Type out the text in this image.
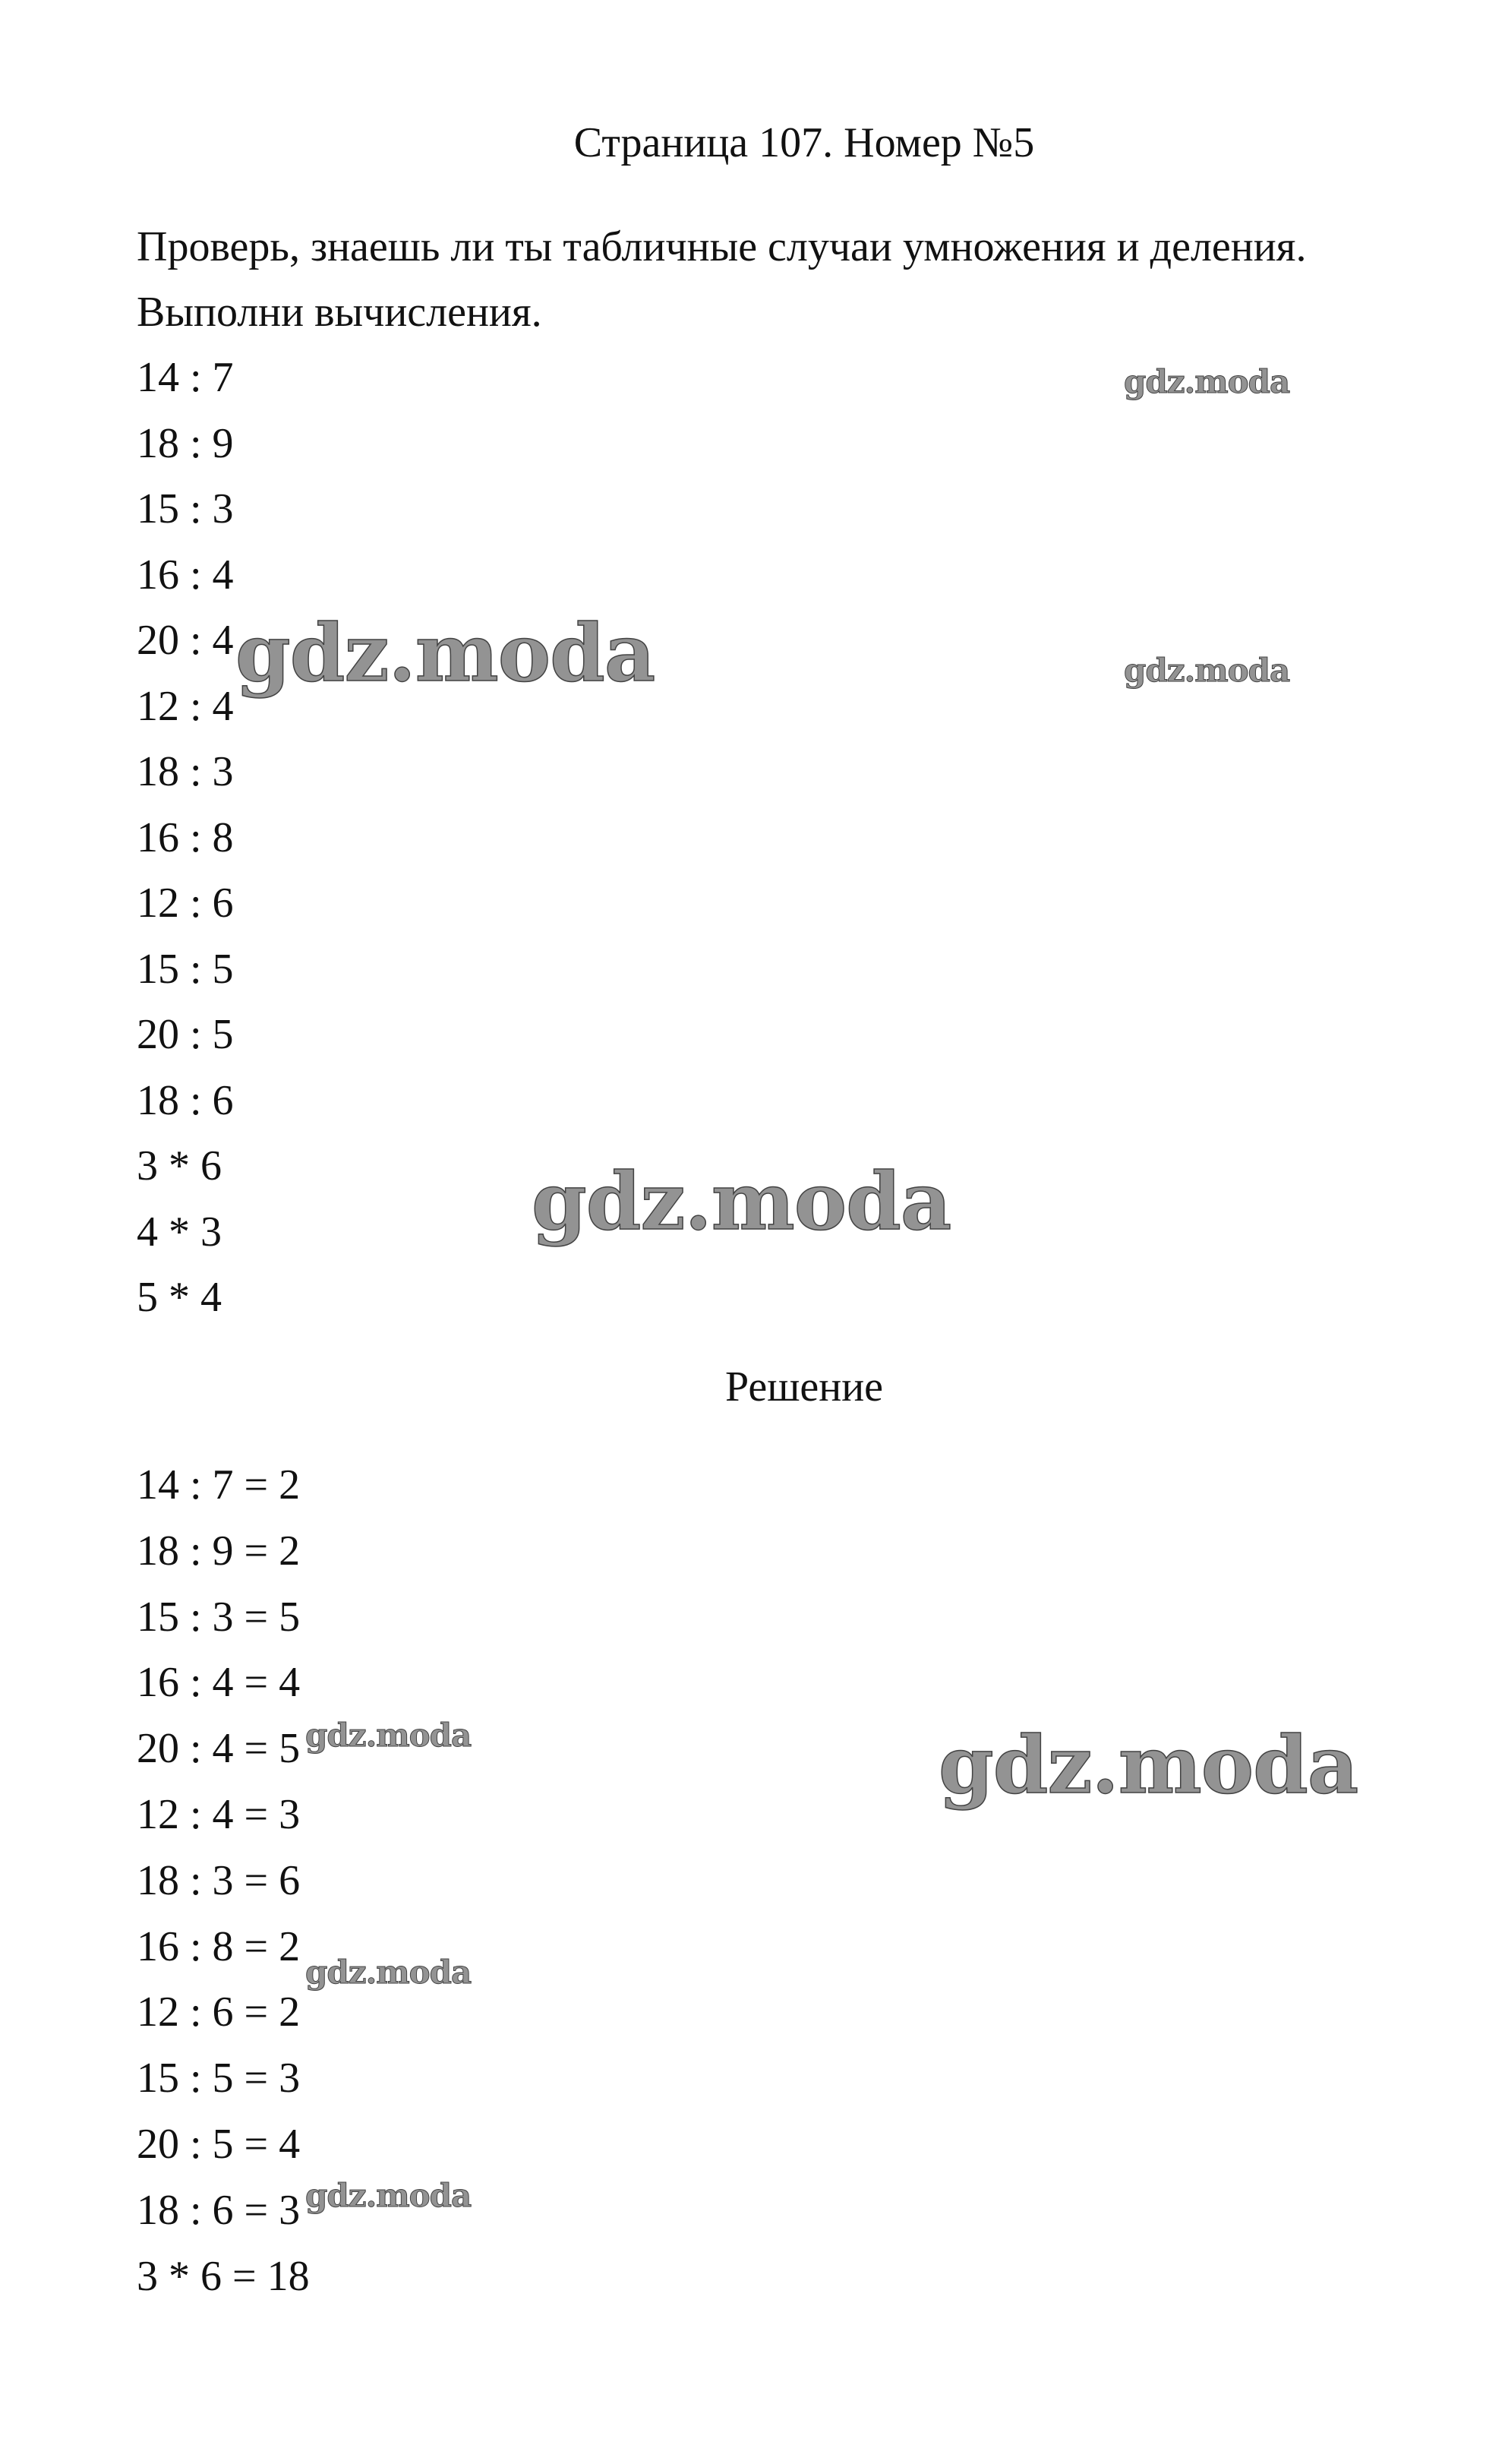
Страница 107. Номер №5
Проверь, знаешь ли ты табличные случаи умножения и деления.
Выполни вычисления.
14 : 7
18 : 9
15 : 3
16 : 4
20 : 4
12 : 4
18 : 3
16 : 8
12 : 6
15 : 5
20 : 5
18 : 6
3 * 6
4 * 3
5 * 4
Решение
14 : 7 = 2
18 : 9 = 2
15 : 3 = 5
16 : 4 = 4
20 : 4 = 5
12 : 4 = 3
18 : 3 = 6
16 : 8 = 2
12 : 6 = 2
15 : 5 = 3
20 : 5 = 4
18 : 6 = 3
3 * 6 = 18
gdz.moda
gdz.moda	gdz.moda
gdz.moda
gdz.moda	gdz.moda
gdz.moda
gdz.moda
